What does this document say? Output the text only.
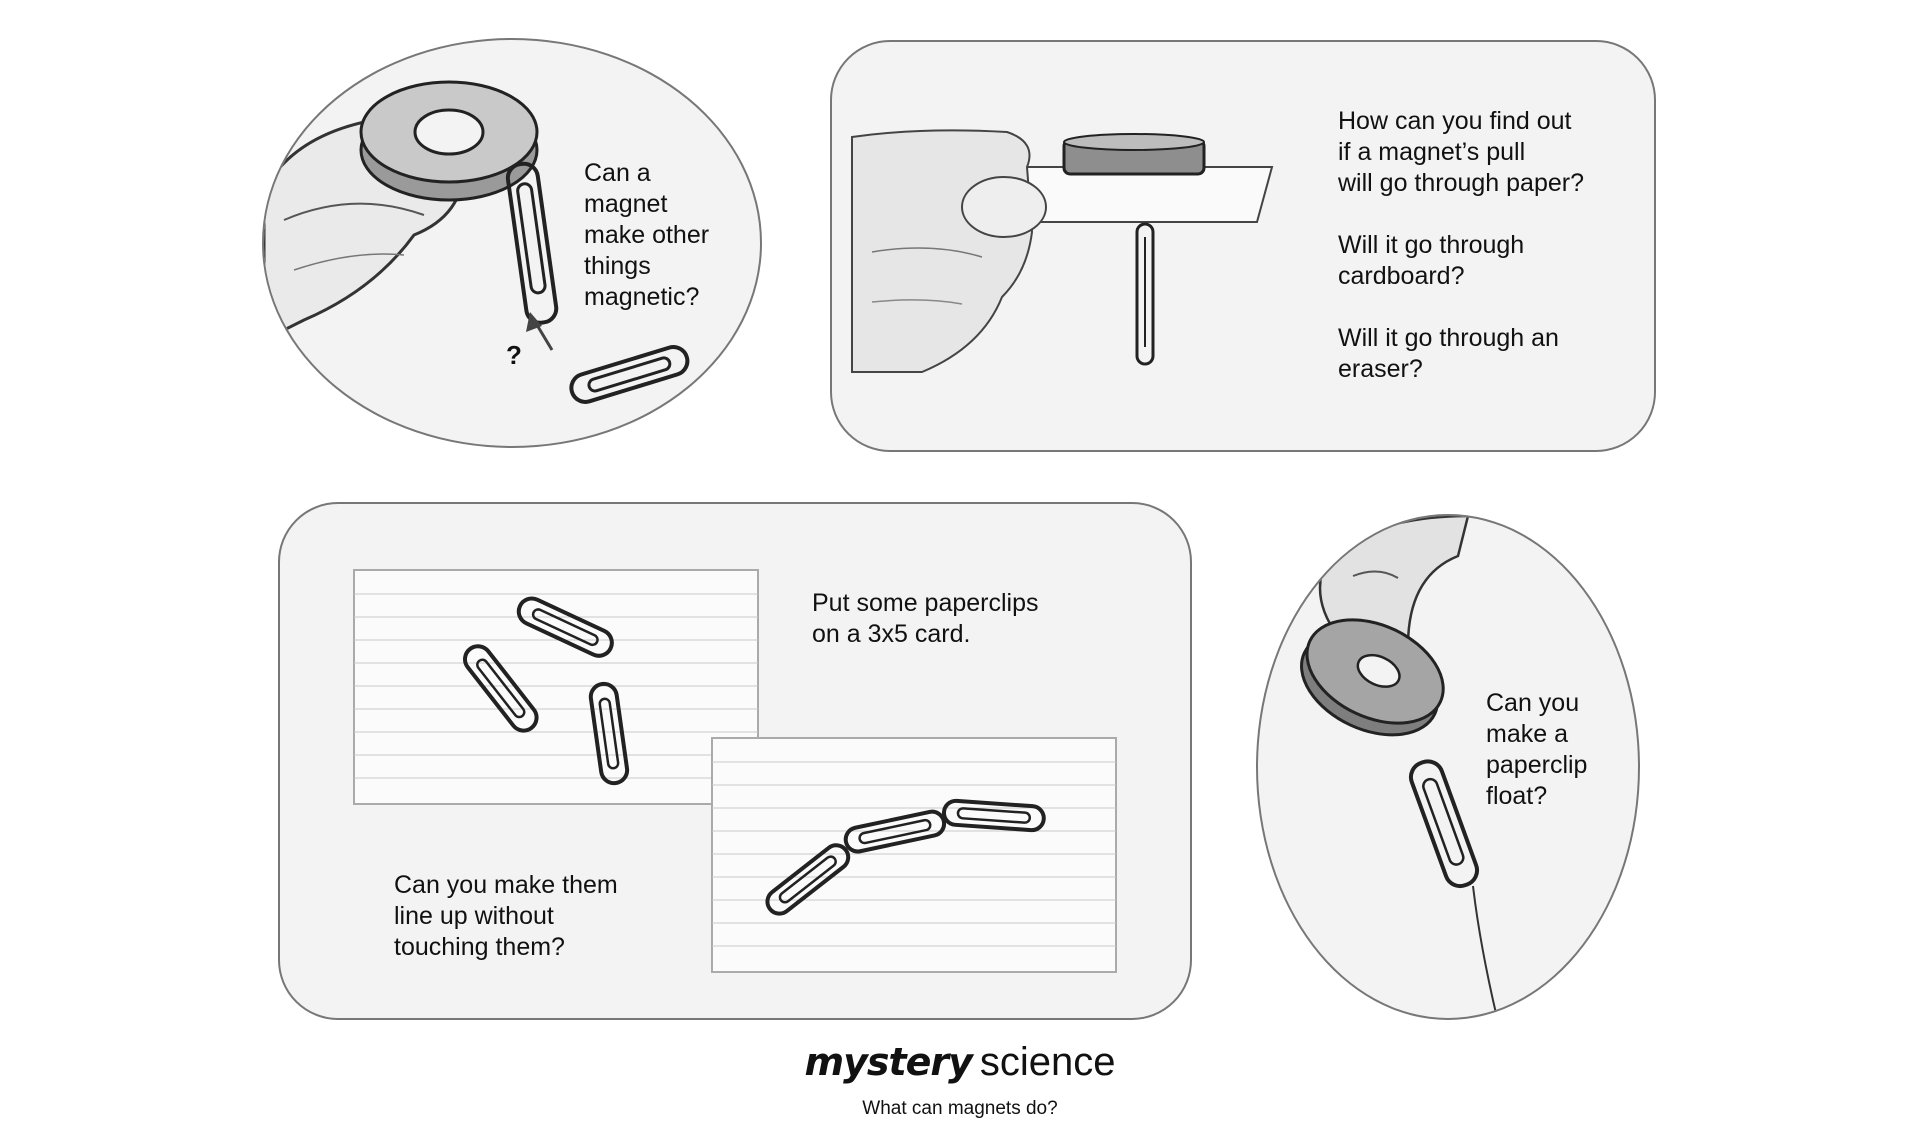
?
Can a
magnet
make other
things
magnetic?
How can you find out
if a magnet’s pull
will go through paper?
Will it go through
cardboard?
Will it go through an
eraser?
Put some paperclips
on a 3x5 card.
Can you make them
line up without
touching them?
Can you
make a
paperclip
float?
mystery science
What can magnets do?
